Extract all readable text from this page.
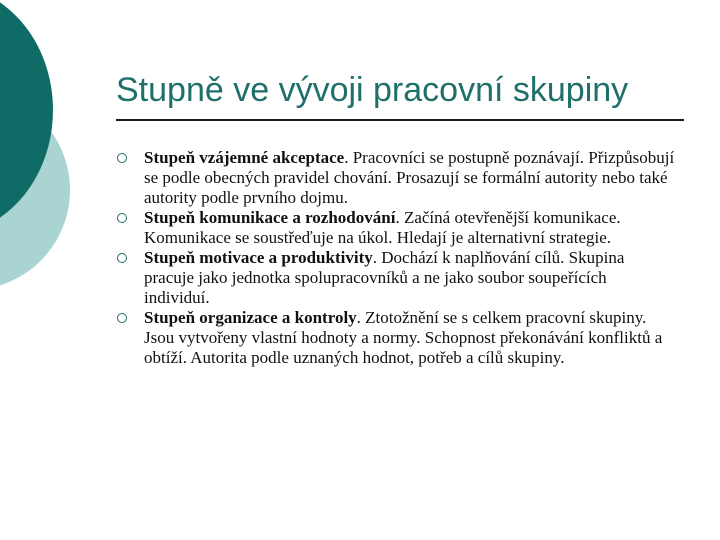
Stupně ve vývoji pracovní skupiny
Stupeň vzájemné akceptace. Pracovníci se postupně poznávají. Přizpůsobují se podle obecných pravidel chování. Prosazují se formální autority nebo také autority podle prvního dojmu.
Stupeň komunikace a rozhodování. Začíná otevřenější komunikace. Komunikace se soustřeďuje na úkol. Hledají je alternativní strategie.
Stupeň motivace a produktivity. Dochází k naplňování cílů. Skupina pracuje jako jednotka spolupracovníků a ne jako soubor soupeřících individuí.
Stupeň organizace a kontroly. Ztotožnění se s celkem pracovní skupiny. Jsou vytvořeny vlastní hodnoty a normy. Schopnost překonávání konfliktů a obtíží. Autorita podle uznaných hodnot, potřeb a cílů skupiny.
